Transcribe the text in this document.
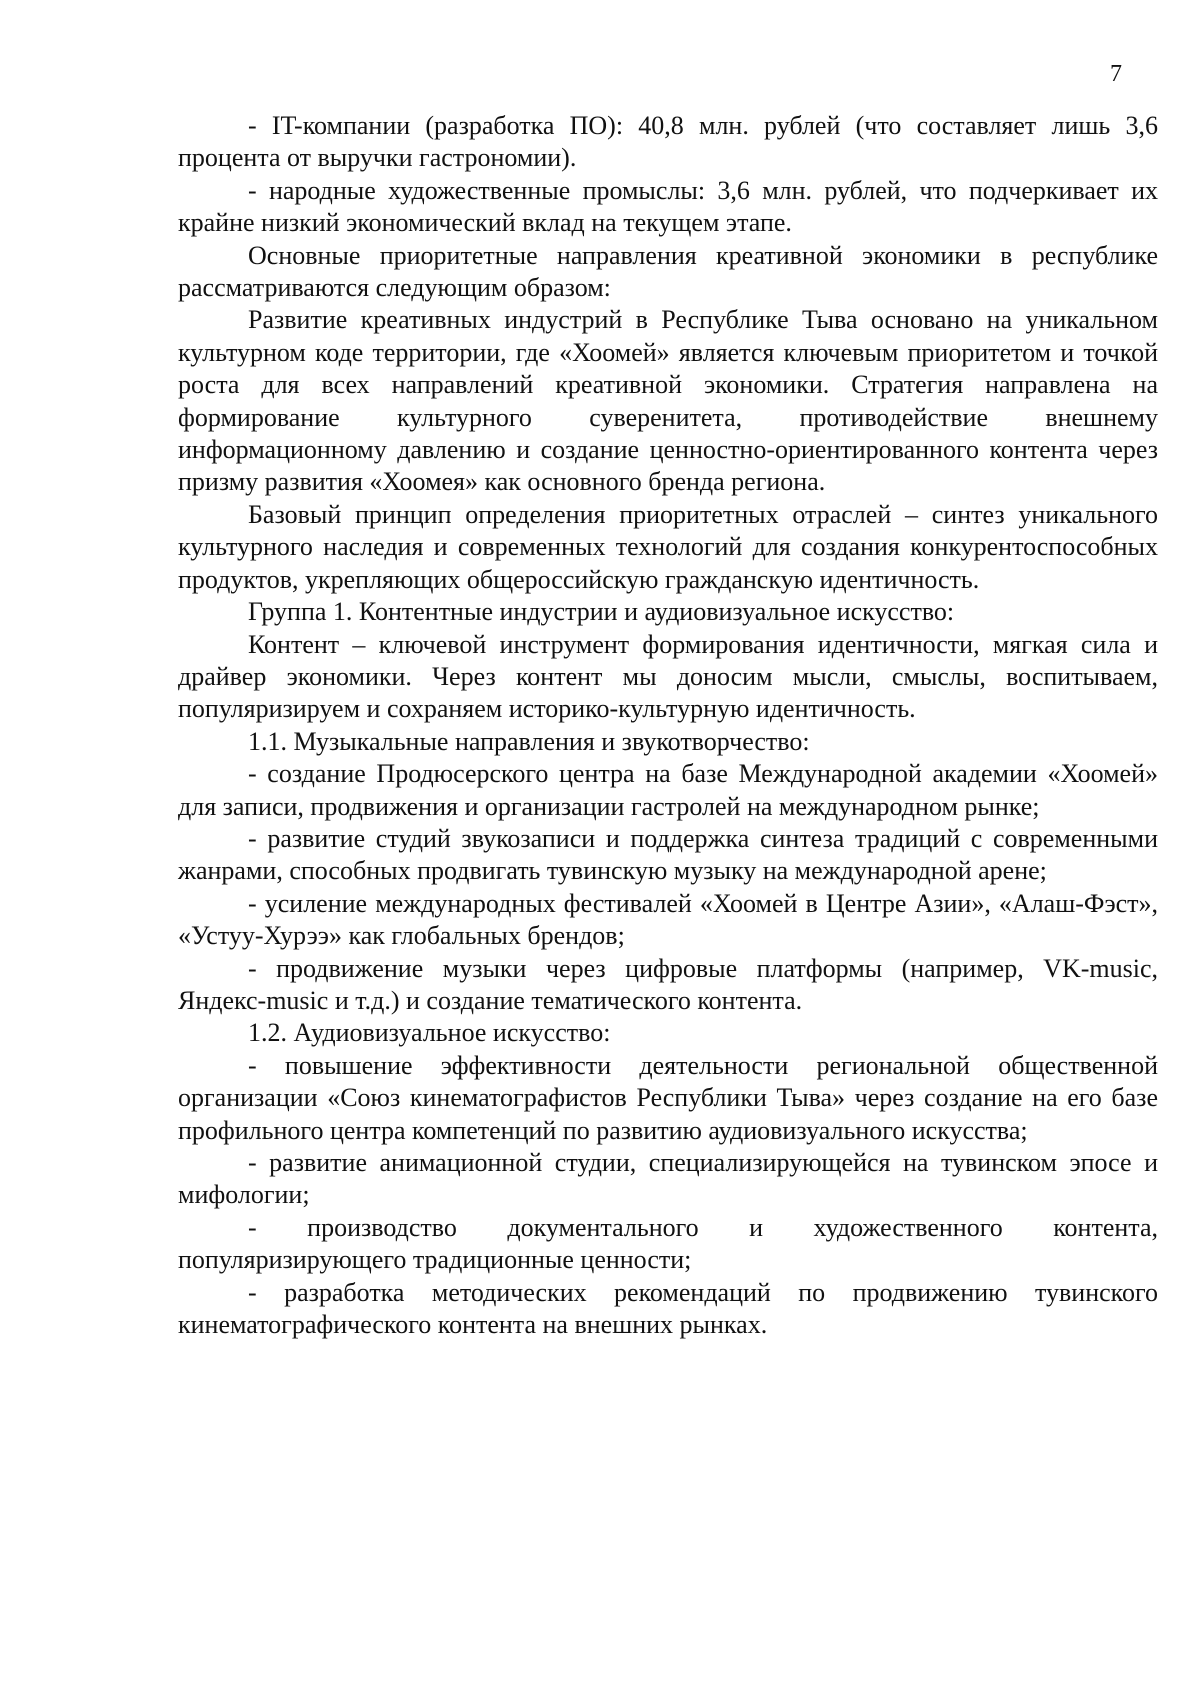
7

- IT-компании (разработка ПО): 40,8 млн. рублей (что составляет лишь 3,6 процента от выручки гастрономии).

- народные художественные промыслы: 3,6 млн. рублей, что подчеркивает их крайне низкий экономический вклад на текущем этапе.

Основные приоритетные направления креативной экономики в республике рассматриваются следующим образом:

Развитие креативных индустрий в Республике Тыва основано на уникальном культурном коде территории, где «Хоомей» является ключевым приоритетом и точкой роста для всех направлений креативной экономики. Стратегия направлена на формирование культурного суверенитета, противодействие внешнему информационному давлению и создание ценностно-ориентированного контента через призму развития «Хоомея» как основного бренда региона.

Базовый принцип определения приоритетных отраслей – синтез уникального культурного наследия и современных технологий для создания конкурентоспособных продуктов, укрепляющих общероссийскую гражданскую идентичность.

Группа 1. Контентные индустрии и аудиовизуальное искусство:

Контент – ключевой инструмент формирования идентичности, мягкая сила и драйвер экономики. Через контент мы доносим мысли, смыслы, воспитываем, популяризируем и сохраняем историко-культурную идентичность.

1.1. Музыкальные направления и звукотворчество:

- создание Продюсерского центра на базе Международной академии «Хоомей» для записи, продвижения и организации гастролей на международном рынке;

- развитие студий звукозаписи и поддержка синтеза традиций с современными жанрами, способных продвигать тувинскую музыку на международной арене;

- усиление международных фестивалей «Хоомей в Центре Азии», «Алаш-Фэст», «Устуу-Хурээ» как глобальных брендов;

- продвижение музыки через цифровые платформы (например, VK-music, Яндекс-music и т.д.) и создание тематического контента.

1.2. Аудиовизуальное искусство:

- повышение эффективности деятельности региональной общественной организации «Союз кинематографистов Республики Тыва» через создание на его базе профильного центра компетенций по развитию аудиовизуального искусства;

- развитие анимационной студии, специализирующейся на тувинском эпосе и мифологии;

- производство документального и художественного контента, популяризирующего традиционные ценности;

- разработка методических рекомендаций по продвижению тувинского кинематографического контента на внешних рынках.
